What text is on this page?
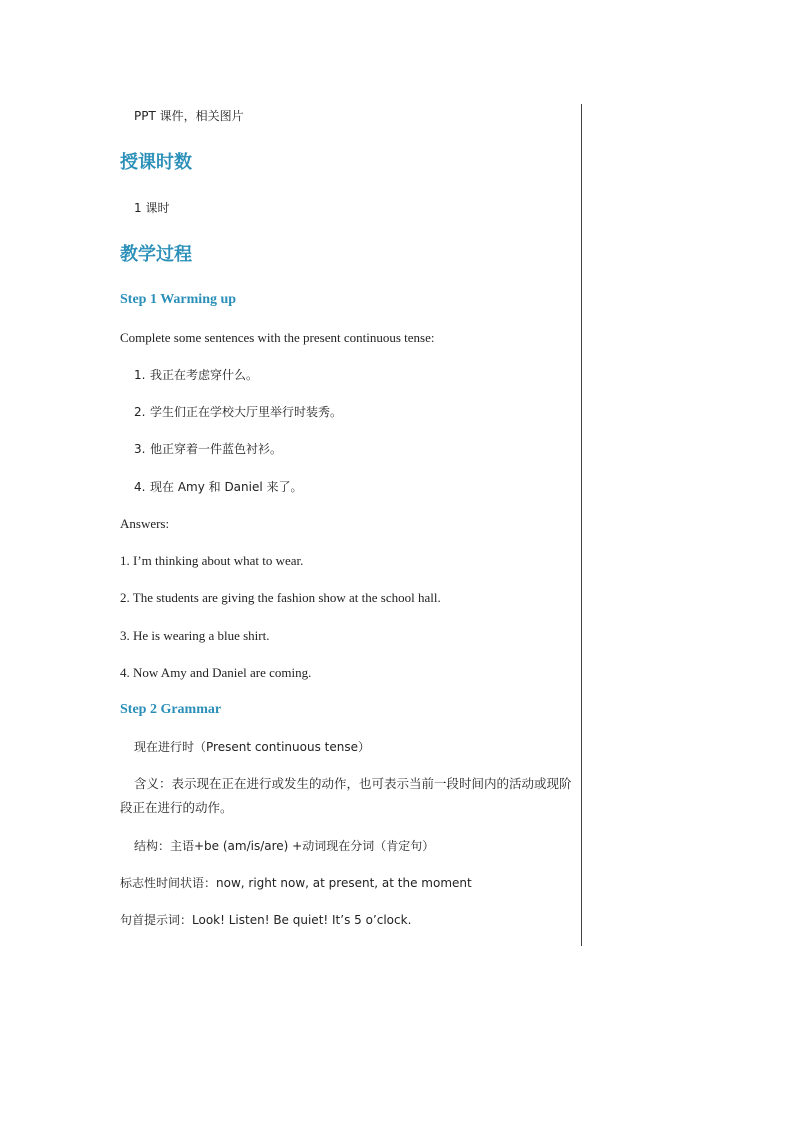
PPT 课件，相关图片
授课时数
1 课时
教学过程
Step 1 Warming up
Complete some sentences with the present continuous tense:
1. 我正在考虑穿什么。
2. 学生们正在学校大厅里举行时装秀。
3. 他正穿着一件蓝色衬衫。
4. 现在 Amy 和 Daniel 来了。
Answers:
1. I’m thinking about what to wear.
2. The students are giving the fashion show at the school hall.
3. He is wearing a blue shirt.
4. Now Amy and Daniel are coming.
Step 2 Grammar
现在进行时（Present continuous tense）
含义：表示现在正在进行或发生的动作，也可表示当前一段时间内的活动或现阶段正在进行的动作。
结构：主语+be (am/is/are) +动词现在分词（肯定句）
标志性时间状语：now, right now, at present, at the moment
句首提示词：Look! Listen! Be quiet! It’s 5 o’clock.
